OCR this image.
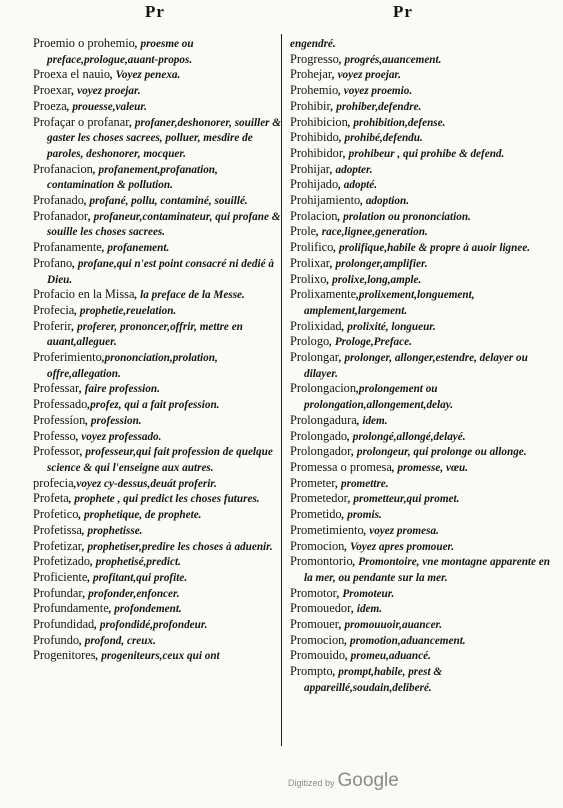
Pr	Pr

Proemio o prohemio, proesme ou preface,prologue,auant-propos.

Proexa el nauio, Voyez penexa.

Proexar, voyez proejar.

Proeza, prouesse,valeur.

Profaçar o profanar, profaner,deshonorer, souiller & gaster les choses sacrees, polluer, mesdire de paroles, deshonorer, mocquer.

Profanacion, profanement,profanation, contamination & pollution.

Profanado, profané, pollu, contaminé, souillé.

Profanador, profaneur,contaminateur, qui profane & souille les choses sacrees.

Profanamente, profanement.

Profano, profane,qui n'est point consacré ni dedié à Dieu.

Profacio en la Missa, la preface de la Messe.

Profecia, prophetie,reuelation.

Proferir, proferer, prononcer,offrir, mettre en auant,alleguer.

Proferimiento,prononciation,prolation, offre,allegation.

Professar, faire profession.

Professado,profez, qui a fait profession.

Professíon, profession.

Professo, voyez professado.

Professor, professeur,qui fait profession de quelque science & qui l'enseigne aux autres.

profecia,voyez cy-dessus,deuát proferir.

Profeta, prophete , qui predict les choses futures.

Profetico, prophetique, de prophete.

Profetissa, prophetisse.

Profetizar, prophetiser,predire les choses à aduenir.

Profetizado, prophetisé,predict.

Proficiente, profitant,qui profite.

Profundar, profonder,enfoncer.

Profundamente, profondement.

Profundidad, profondidé,profondeur.

Profundo, profond, creux.

Progenitores, progeniteurs,ceux qui ont

engendré.

Progresso, progrés,auancement.

Prohejar, voyez proejar.

Prohemio, voyez proemio.

Prohibir, prohiber,defendre.

Prohibicion, prohibition,defense.

Prohibido, prohibé,defendu.

Prohibidor, prohibeur , qui prohibe & defend.

Prohijar, adopter.

Prohijado, adopté.

Prohijamiento, adoption.

Prolacion, prolation ou prononciation.

Prole, race,lignee,generation.

Prolifico, prolifique,habile & propre à auoir lignee.

Prolixar, prolonger,amplifier.

Prolixo, prolixe,long,ample.

Prolixamente,prolixement,longuement, amplement,largement.

Prolixidad, prolixité, longueur.

Prologo, Prologe,Preface.

Prolongar, prolonger, allonger,estendre, delayer ou dilayer.

Prolongacion,prolongement ou prolongation,allongement,delay.

Prolongadura, idem.

Prolongado, prolongé,allongé,delayé.

Prolongador, prolongeur, qui prolonge ou allonge.

Promessa o promesa, promesse, vœu.

Prometer, promettre.

Prometedor, prometteur,qui promet.

Prometido, promis.

Prometimiento, voyez promesa.

Promocion, Voyez apres promouer.

Promontorio, Promontoire, vne montagne apparente en la mer, ou pendante sur la mer.

Promotor, Promoteur.

Promouedor, idem.

Promouer, promouuoir,auancer.

Promocion, promotion,aduancement.

Promouido, promeu,aduancé.

Prompto, prompt,habile, prest & appareillé,soudain,deliberé.

Digitized by Google
